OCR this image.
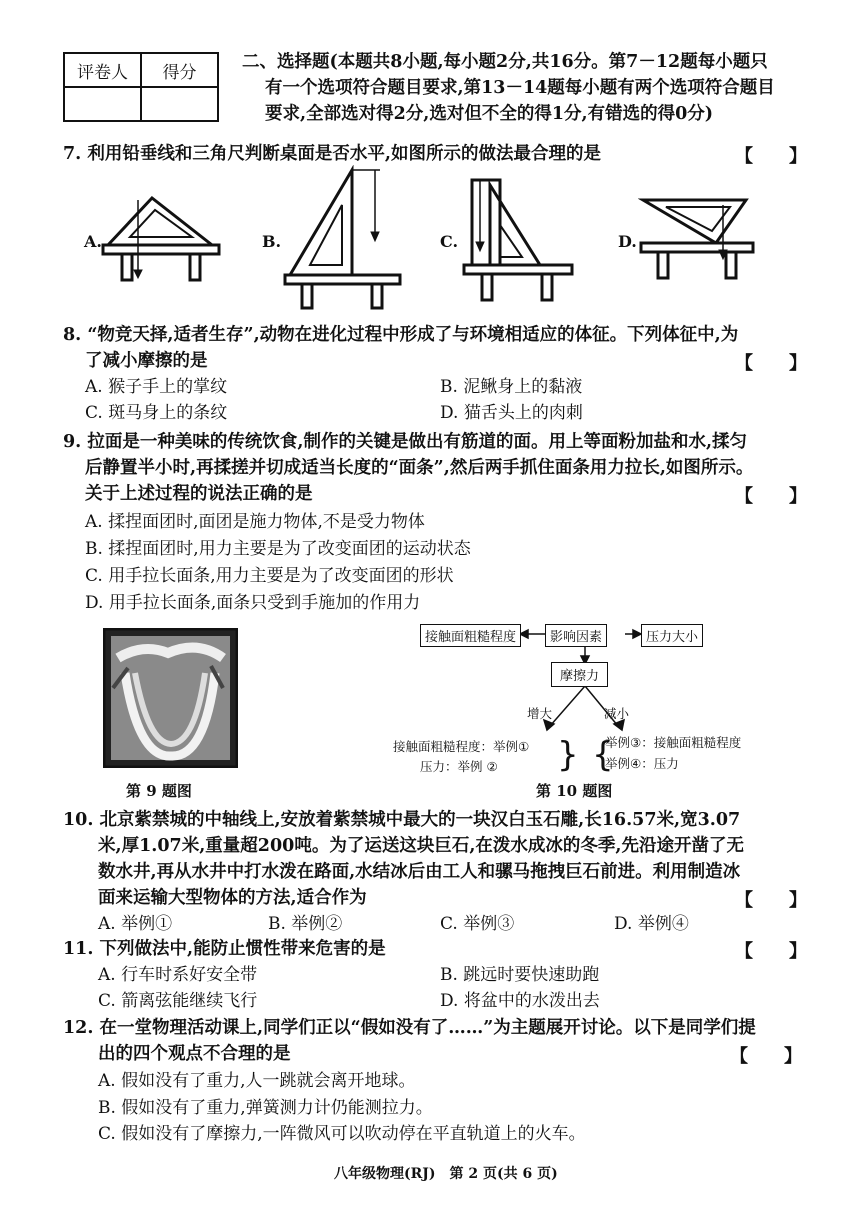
评卷人	得分

二、选择题(本题共8小题,每小题2分,共16分。第7－12题每小题只
有一个选项符合题目要求,第13－14题每小题有两个选项符合题目
要求,全部选对得2分,选对但不全的得1分,有错选的得0分)
7. 利用铅垂线和三角尺判断桌面是否水平,如图所示的做法最合理的是	【　　】
A.	B.	C.	D.
8. “物竞天择,适者生存”,动物在进化过程中形成了与环境相适应的体征。下列体征中,为
了减小摩擦的是	【　　】
A. 猴子手上的掌纹	B. 泥鳅身上的黏液
C. 斑马身上的条纹	D. 猫舌头上的肉刺
9. 拉面是一种美味的传统饮食,制作的关键是做出有筋道的面。用上等面粉加盐和水,揉匀
后静置半小时,再揉搓并切成适当长度的“面条”,然后两手抓住面条用力拉长,如图所示。
关于上述过程的说法正确的是	【　　】
A. 揉捏面团时,面团是施力物体,不是受力物体
B. 揉捏面团时,用力主要是为了改变面团的运动状态
C. 用手拉长面条,用力主要是为了改变面团的形状
D. 用手拉长面条,面条只受到手施加的作用力
} {
接触面粗糙程度	影响因素	压力大小
摩擦力
增大	减小
接触面粗糙程度：举例①
压力：举例 ②
举例③：接触面粗糙程度
举例④：压力
第 9 题图	第 10 题图
10. 北京紫禁城的中轴线上,安放着紫禁城中最大的一块汉白玉石雕,长16.57米,宽3.07
米,厚1.07米,重量超200吨。为了运送这块巨石,在泼水成冰的冬季,先沿途开凿了无
数水井,再从水井中打水泼在路面,水结冰后由工人和骡马拖拽巨石前进。利用制造冰
面来运输大型物体的方法,适合作为	【　　】
A. 举例①	B. 举例②	C. 举例③	D. 举例④
11. 下列做法中,能防止惯性带来危害的是	【　　】
A. 行车时系好安全带	B. 跳远时要快速助跑
C. 箭离弦能继续飞行	D. 将盆中的水泼出去
12. 在一堂物理活动课上,同学们正以“假如没有了……”为主题展开讨论。以下是同学们提
出的四个观点不合理的是	【　　】
A. 假如没有了重力,人一跳就会离开地球。
B. 假如没有了重力,弹簧测力计仍能测拉力。
C. 假如没有了摩擦力,一阵微风可以吹动停在平直轨道上的火车。
八年级物理(RJ)　第 2 页(共 6 页)
